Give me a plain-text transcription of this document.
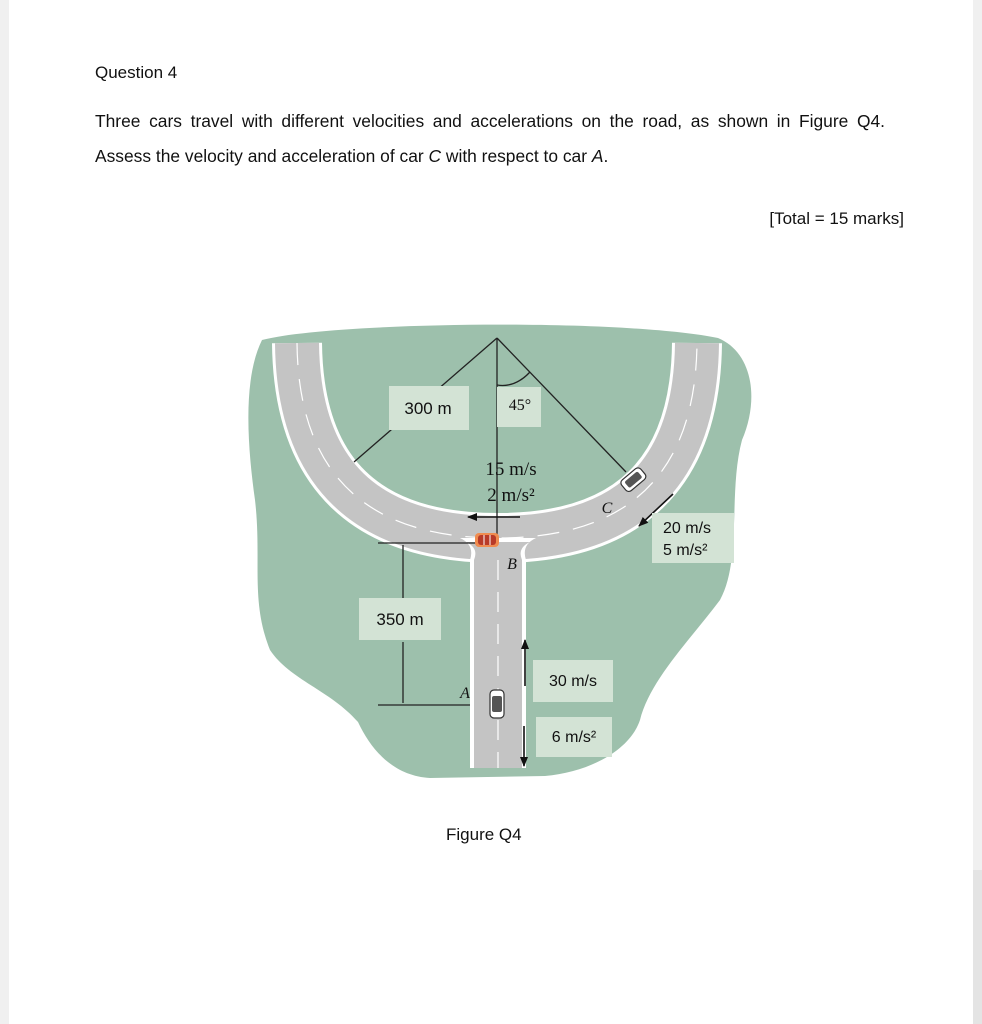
Question 4

Three cars travel with different velocities and accelerations on the road, as shown in Figure Q4. Assess the velocity and acceleration of car C with respect to car A.

[Total = 15 marks]
300 m	45°
15 m/s
2 m/s²
B
C
20 m/s
5 m/s²
350 m
A
30 m/s
6 m/s²
Figure Q4
